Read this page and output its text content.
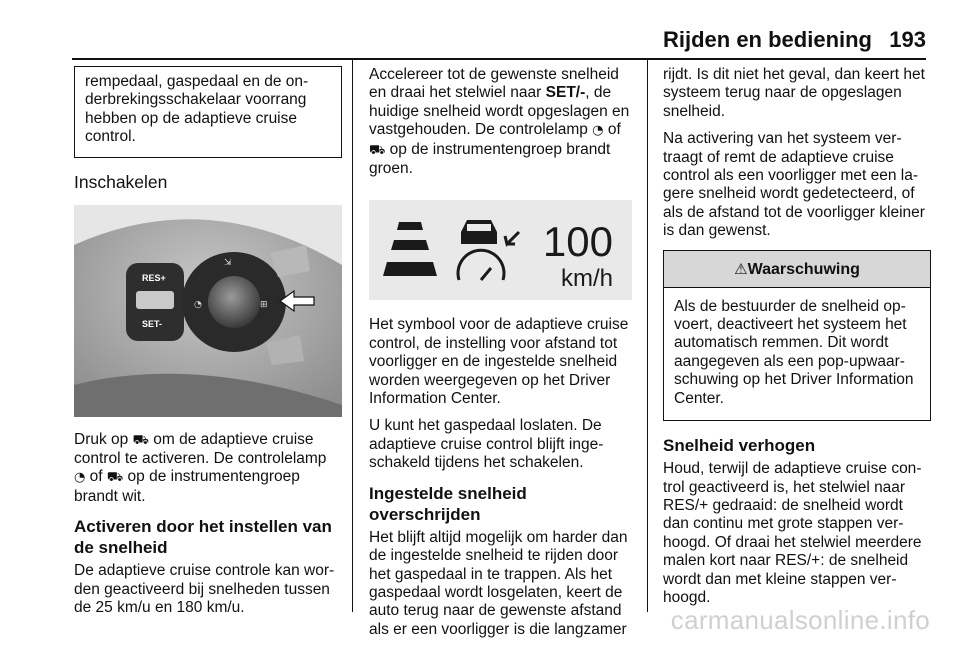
Rijden en bediening 193
rempedaal, gaspedaal en de onderbrekingsschakelaar voorrang hebben op de adaptieve cruise control.
Inschakelen
RES+
SET-
⇲
◔	⊞

Druk op ⛟ om de adaptieve cruise control te activeren. De controlelamp ◔ of ⛟ op de instrumentengroep brandt wit.

Activeren door het instellen van de snelheid

De adaptieve cruise controle kan worden geactiveerd bij snelheden tussen de 25 km/u en 180 km/u.

Accelereer tot de gewenste snelheid en draai het stelwiel naar SET/-, de huidige snelheid wordt opgeslagen en vastgehouden. De controlelamp ◔ of ⛟ op de instrumentengroep brandt groen.

100
km/h

Het symbool voor de adaptieve cruise control, de instelling voor afstand tot voorligger en de ingestelde snelheid worden weergegeven op het Driver Information Center.

U kunt het gaspedaal loslaten. De adaptieve cruise control blijft ingeschakeld tijdens het schakelen.

Ingestelde snelheid overschrijden

Het blijft altijd mogelijk om harder dan de ingestelde snelheid te rijden door het gaspedaal in te trappen. Als het gaspedaal wordt losgelaten, keert de auto terug naar de gewenste afstand als er een voorligger is die langzamer

rijdt. Is dit niet het geval, dan keert het systeem terug naar de opgeslagen snelheid.

Na activering van het systeem vertraagt of remt de adaptieve cruise control als een voorligger met een lagere snelheid wordt gedetecteerd, of als de afstand tot de voorligger kleiner is dan gewenst.

⚠Waarschuwing
Als de bestuurder de snelheid opvoert, deactiveert het systeem het automatisch remmen. Dit wordt aangegeven als een pop-upwaarschuwing op het Driver Information Center.
Snelheid verhogen

Houd, terwijl de adaptieve cruise control geactiveerd is, het stelwiel naar RES/+ gedraaid: de snelheid wordt dan continu met grote stappen verhoogd. Of draai het stelwiel meerdere malen kort naar RES/+: de snelheid wordt dan met kleine stappen verhoogd.

carmanualsonline.info
